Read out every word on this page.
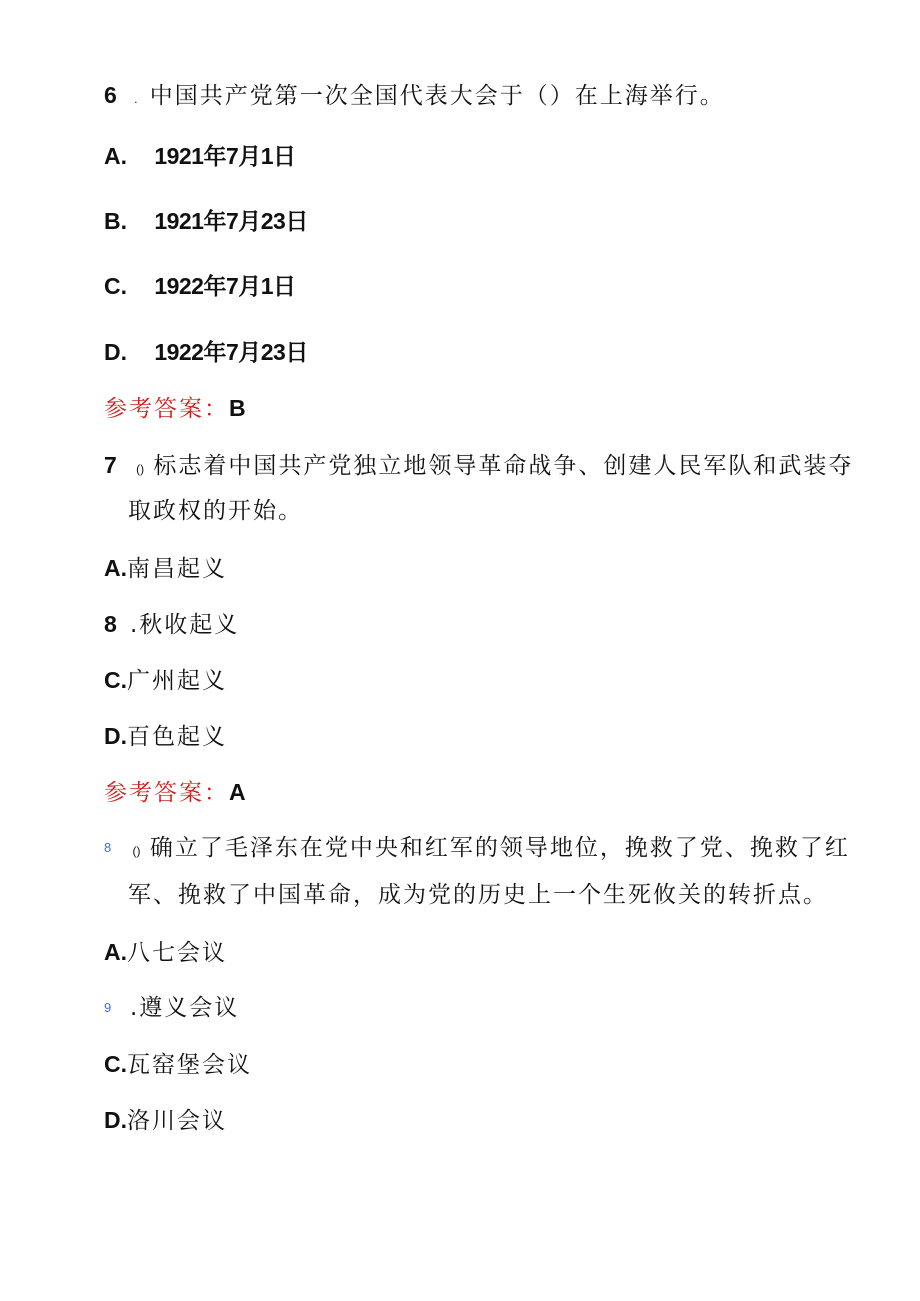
6 . 中国共产党第一次全国代表大会于（）在上海举行。
A. 1921年7月1日
B. 1921年7月23日
C. 1922年7月1日
D. 1922年7月23日
参考答案：B
7 () 标志着中国共产党独立地领导革命战争、创建人民军队和武装夺
取政权的开始。
A.南昌起义
8 .秋收起义
C.广州起义
D.百色起义
参考答案：A
8 () 确立了毛泽东在党中央和红军的领导地位，挽救了党、挽救了红
军、挽救了中国革命，成为党的历史上一个生死攸关的转折点。
A.八七会议
9 .遵义会议
C.瓦窑堡会议
D.洛川会议
